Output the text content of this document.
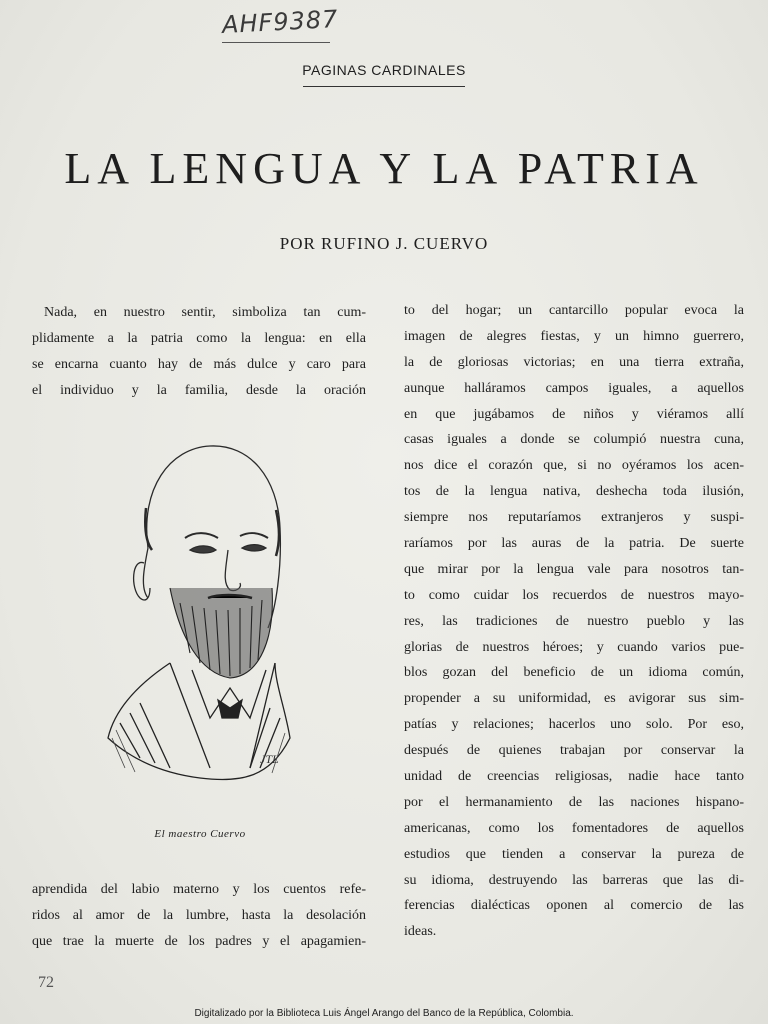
AHF9387
PAGINAS CARDINALES
LA LENGUA Y LA PATRIA
POR RUFINO J. CUERVO
Nada, en nuestro sentir, simboliza tan cum-
plidamente a la patria como la lengua: en ella
se encarna cuanto hay de más dulce y caro para
el individuo y la familia, desde la oración
JTL
El maestro Cuervo
aprendida del labio materno y los cuentos refe-
ridos al amor de la lumbre, hasta la desolación
que trae la muerte de los padres y el apagamien-
to del hogar; un cantarcillo popular evoca la
imagen de alegres fiestas, y un himno guerrero,
la de gloriosas victorias; en una tierra extraña,
aunque halláramos campos iguales, a aquellos
en que jugábamos de niños y viéramos allí
casas iguales a donde se columpió nuestra cuna,
nos dice el corazón que, si no oyéramos los acen-
tos de la lengua nativa, deshecha toda ilusión,
siempre nos reputaríamos extranjeros y suspi-
raríamos por las auras de la patria. De suerte
que mirar por la lengua vale para nosotros tan-
to como cuidar los recuerdos de nuestros mayo-
res, las tradiciones de nuestro pueblo y las
glorias de nuestros héroes; y cuando varios pue-
blos gozan del beneficio de un idioma común,
propender a su uniformidad, es avigorar sus sim-
patías y relaciones; hacerlos uno solo. Por eso,
después de quienes trabajan por conservar la
unidad de creencias religiosas, nadie hace tanto
por el hermanamiento de las naciones hispano-
americanas, como los fomentadores de aquellos
estudios que tienden a conservar la pureza de
su idioma, destruyendo las barreras que las di-
ferencias dialécticas oponen al comercio de las
ideas.
72
Digitalizado por la Biblioteca Luis Ángel Arango del Banco de la República, Colombia.
